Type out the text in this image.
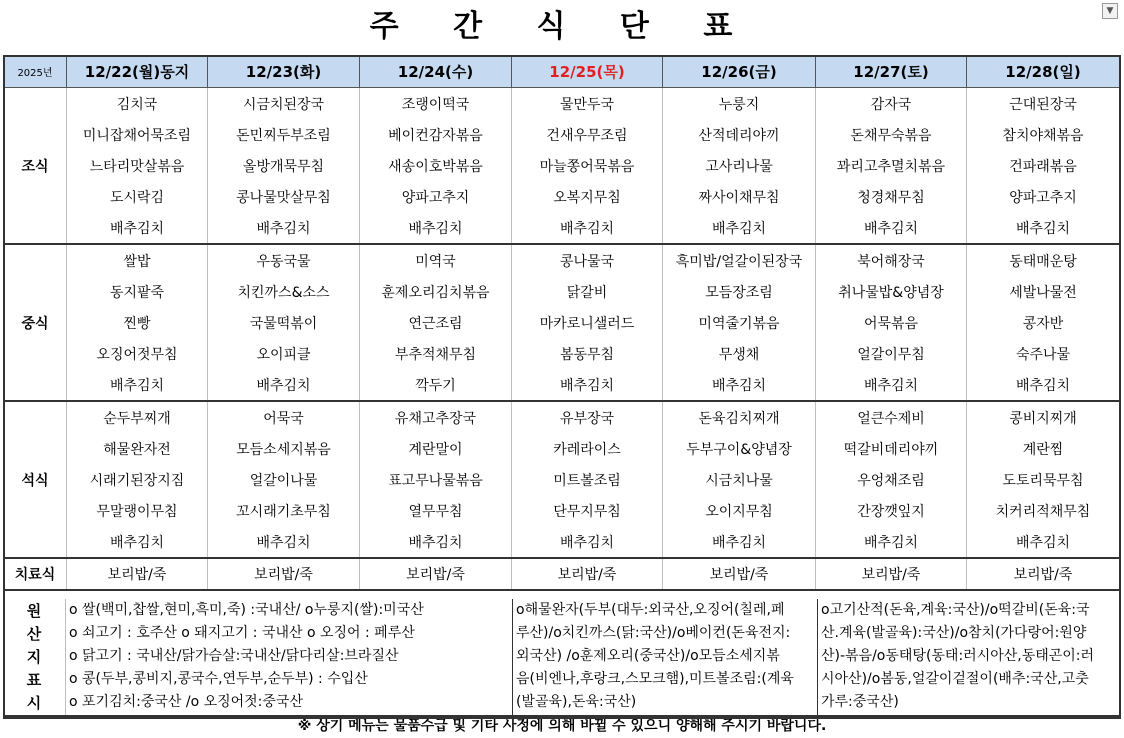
주 간 식 단 표	▼
2025년	12/22(월)동지	12/23(화)	12/24(수)	12/25(목)	12/26(금)	12/27(토)	12/28(일)
조식	김치국	시금치된장국	조랭이떡국	물만두국	누룽지	감자국	근대된장국
	미니잡채어묵조림	돈민찌두부조림	베이컨감자볶음	건새우무조림	산적데리야끼	돈채무숙볶음	참치야채볶음
	느타리맛살볶음	올방개묵무침	새송이호박볶음	마늘쫑어묵볶음	고사리나물	꽈리고추멸치볶음	건파래볶음
	도시락김	콩나물맛살무침	양파고추지	오복지무침	짜사이채무침	청경채무침	양파고추지
	배추김치	배추김치	배추김치	배추김치	배추김치	배추김치	배추김치
중식	쌀밥	우동국물	미역국	콩나물국	흑미밥/얼갈이된장국	북어해장국	동태매운탕
	동지팥죽	치킨까스&소스	훈제오리김치볶음	닭갈비	모듬장조림	취나물밥&양념장	세발나물전
	찐빵	국물떡볶이	연근조림	마카로니샐러드	미역줄기볶음	어묵볶음	콩자반
	오징어젓무침	오이피클	부추적채무침	봄동무침	무생채	얼갈이무침	숙주나물
	배추김치	배추김치	깍두기	배추김치	배추김치	배추김치	배추김치
석식	순두부찌개	어묵국	유채고추장국	유부장국	돈육김치찌개	얼큰수제비	콩비지찌개
	해물완자전	모듬소세지볶음	계란말이	카레라이스	두부구이&양념장	떡갈비데리야끼	계란찜
	시래기된장지짐	얼갈이나물	표고무나물볶음	미트볼조림	시금치나물	우엉채조림	도토리묵무침
	무말랭이무침	꼬시래기초무침	열무무침	단무지무침	오이지무침	간장깻잎지	치커리적채무침
	배추김치	배추김치	배추김치	배추김치	배추김치	배추김치	배추김치
치료식	보리밥/죽	보리밥/죽	보리밥/죽	보리밥/죽	보리밥/죽	보리밥/죽	보리밥/죽
원산지표시
o 쌀(백미,찹쌀,현미,흑미,죽) :국내산/ o누룽지(쌀):미국산
o 쇠고기 : 호주산 o 돼지고기 : 국내산 o 오징어 : 페루산
o 닭고기 : 국내산/닭가슴살:국내산/닭다리살:브라질산
o 콩(두부,콩비지,콩국수,연두부,순두부) : 수입산
o 포기김치:중국산 /o 오징어젓:중국산
o해물완자(두부(대두:외국산,오징어(칠레,페
루산)/o치킨까스(닭:국산)/o베이컨(돈육전지:
외국산) /o훈제오리(중국산)/o모듬소세지볶
음(비엔나,후랑크,스모크햄),미트볼조림:(계육
(발골육),돈육:국산)
o고기산적(돈육,계육:국산)/o떡갈비(돈육:국
산.계육(발골육):국산)/o참치(가다랑어:원양
산)-볶음/o동태탕(동태:러시아산,동태곤이:러
시아산)/o봄동,얼갈이겉절이(배추:국산,고춧
가루:중국산)
※ 상기 메뉴는 물품수급 및 기타 사정에 의해 바뀔 수 있으니 양해해 주시기 바랍니다.
